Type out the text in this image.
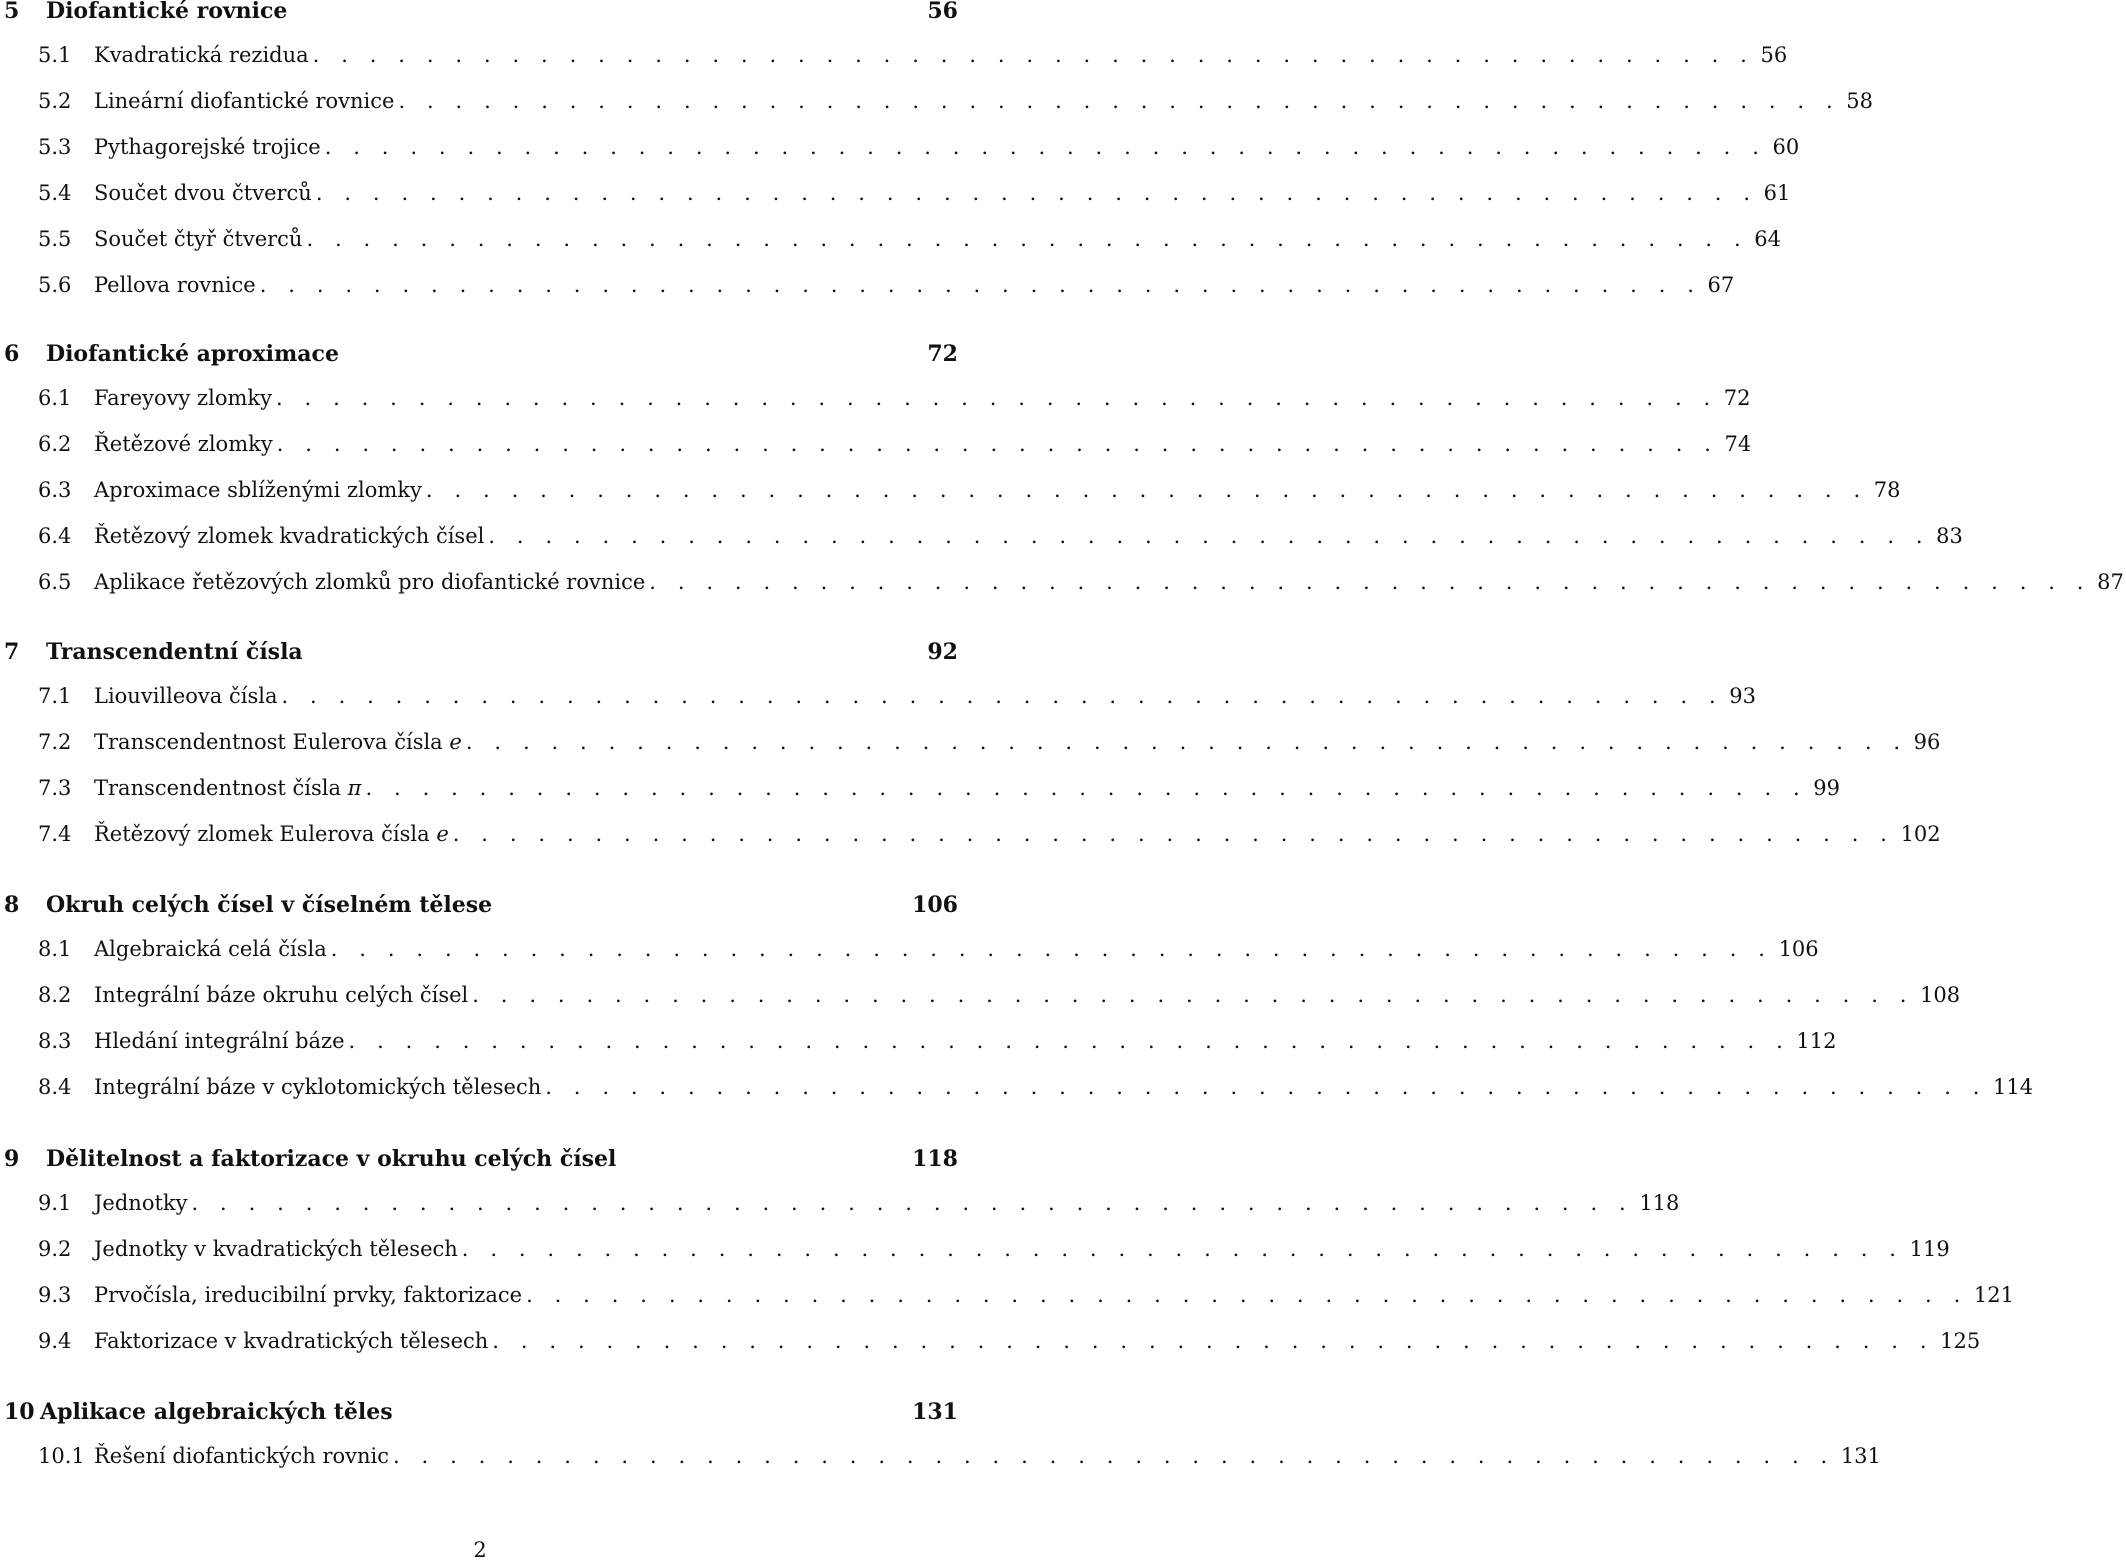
5 Diofantické rovnice	56
5.1	Kvadratická rezidua . . . . . . . . . . . . . . . . . . . . . . . . . . . . . . . . . . . . . . . . . . . . . . . . . . . 56
5.2	Lineární diofantické rovnice . . . . . . . . . . . . . . . . . . . . . . . . . . . . . . . . . . . . . . . . . . . . . . . . . . . 58
5.3	Pythagorejské trojice . . . . . . . . . . . . . . . . . . . . . . . . . . . . . . . . . . . . . . . . . . . . . . . . . . . 60
5.4	Součet dvou čtverců . . . . . . . . . . . . . . . . . . . . . . . . . . . . . . . . . . . . . . . . . . . . . . . . . . . 61
5.5	Součet čtyř čtverců . . . . . . . . . . . . . . . . . . . . . . . . . . . . . . . . . . . . . . . . . . . . . . . . . . . 64
5.6	Pellova rovnice . . . . . . . . . . . . . . . . . . . . . . . . . . . . . . . . . . . . . . . . . . . . . . . . . . . 67
6 Diofantické aproximace	72
6.1	Fareyovy zlomky . . . . . . . . . . . . . . . . . . . . . . . . . . . . . . . . . . . . . . . . . . . . . . . . . . . 72
6.2	Řetězové zlomky . . . . . . . . . . . . . . . . . . . . . . . . . . . . . . . . . . . . . . . . . . . . . . . . . . . 74
6.3	Aproximace sblíženými zlomky . . . . . . . . . . . . . . . . . . . . . . . . . . . . . . . . . . . . . . . . . . . . . . . . . . . 78
6.4	Řetězový zlomek kvadratických čísel . . . . . . . . . . . . . . . . . . . . . . . . . . . . . . . . . . . . . . . . . . . . . . . . . . . 83
6.5	Aplikace řetězových zlomků pro diofantické rovnice . . . . . . . . . . . . . . . . . . . . . . . . . . . . . . . . . . . . . . . . . . . . . . . . . . . 87
7 Transcendentní čísla	92
7.1	Liouvilleova čísla . . . . . . . . . . . . . . . . . . . . . . . . . . . . . . . . . . . . . . . . . . . . . . . . . . . 93
7.2	Transcendentnost Eulerova čísla e . . . . . . . . . . . . . . . . . . . . . . . . . . . . . . . . . . . . . . . . . . . . . . . . . . . 96
7.3	Transcendentnost čísla π . . . . . . . . . . . . . . . . . . . . . . . . . . . . . . . . . . . . . . . . . . . . . . . . . . . 99
7.4	Řetězový zlomek Eulerova čísla e . . . . . . . . . . . . . . . . . . . . . . . . . . . . . . . . . . . . . . . . . . . . . . . . . . . 102
8 Okruh celých čísel v číselném tělese	106
8.1	Algebraická celá čísla . . . . . . . . . . . . . . . . . . . . . . . . . . . . . . . . . . . . . . . . . . . . . . . . . . . 106
8.2	Integrální báze okruhu celých čísel . . . . . . . . . . . . . . . . . . . . . . . . . . . . . . . . . . . . . . . . . . . . . . . . . . . 108
8.3	Hledání integrální báze . . . . . . . . . . . . . . . . . . . . . . . . . . . . . . . . . . . . . . . . . . . . . . . . . . . 112
8.4	Integrální báze v cyklotomických tělesech . . . . . . . . . . . . . . . . . . . . . . . . . . . . . . . . . . . . . . . . . . . . . . . . . . . 114
9 Dělitelnost a faktorizace v okruhu celých čísel	118
9.1	Jednotky . . . . . . . . . . . . . . . . . . . . . . . . . . . . . . . . . . . . . . . . . . . . . . . . . . . 118
9.2	Jednotky v kvadratických tělesech . . . . . . . . . . . . . . . . . . . . . . . . . . . . . . . . . . . . . . . . . . . . . . . . . . . 119
9.3	Prvočísla, ireducibilní prvky, faktorizace . . . . . . . . . . . . . . . . . . . . . . . . . . . . . . . . . . . . . . . . . . . . . . . . . . . 121
9.4	Faktorizace v kvadratických tělesech . . . . . . . . . . . . . . . . . . . . . . . . . . . . . . . . . . . . . . . . . . . . . . . . . . . 125
10 Aplikace algebraických těles	131
10.1 Řešení diofantických rovnic . . . . . . . . . . . . . . . . . . . . . . . . . . . . . . . . . . . . . . . . . . . . . . . . . . . 131
2
